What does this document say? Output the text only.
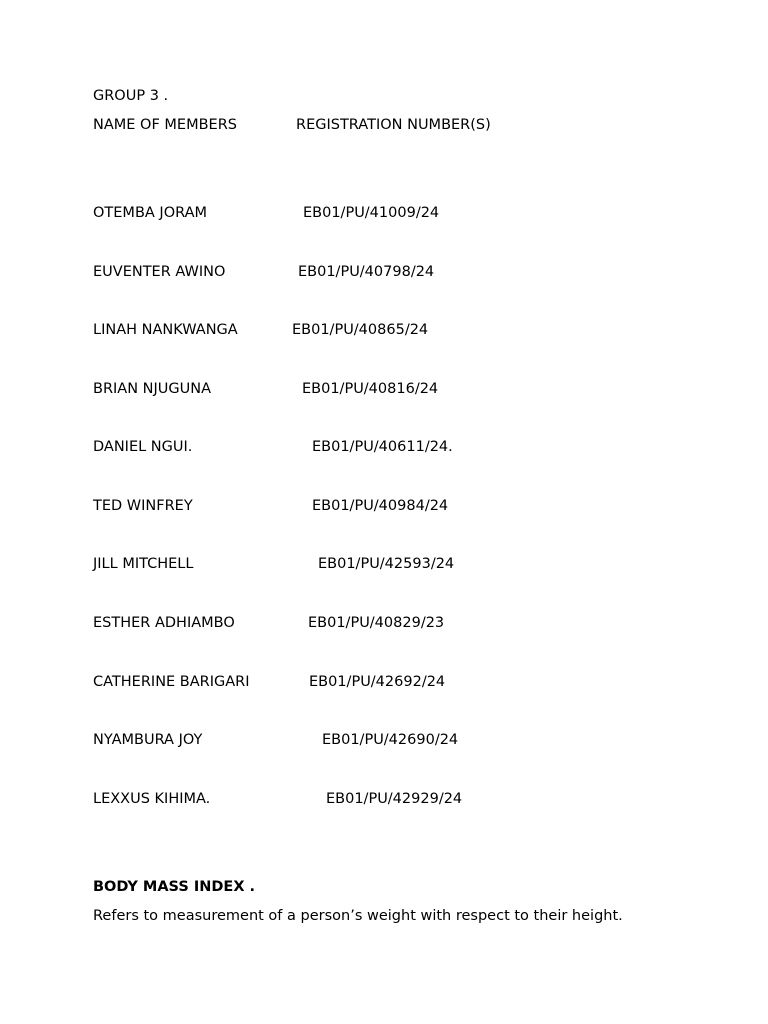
GROUP 3 .
NAME OF MEMBERS	REGISTRATION NUMBER(S)
OTEMBA JORAM	EB01/PU/41009/24
EUVENTER AWINO	EB01/PU/40798/24
LINAH NANKWANGA	EB01/PU/40865/24
BRIAN NJUGUNA	EB01/PU/40816/24
DANIEL NGUI.	EB01/PU/40611/24.
TED WINFREY	EB01/PU/40984/24
JILL MITCHELL	EB01/PU/42593/24
ESTHER ADHIAMBO	EB01/PU/40829/23
CATHERINE BARIGARI	EB01/PU/42692/24
NYAMBURA JOY	EB01/PU/42690/24
LEXXUS KIHIMA.	EB01/PU/42929/24
BODY MASS INDEX .
Refers to measurement of a person’s weight with respect to their height.
